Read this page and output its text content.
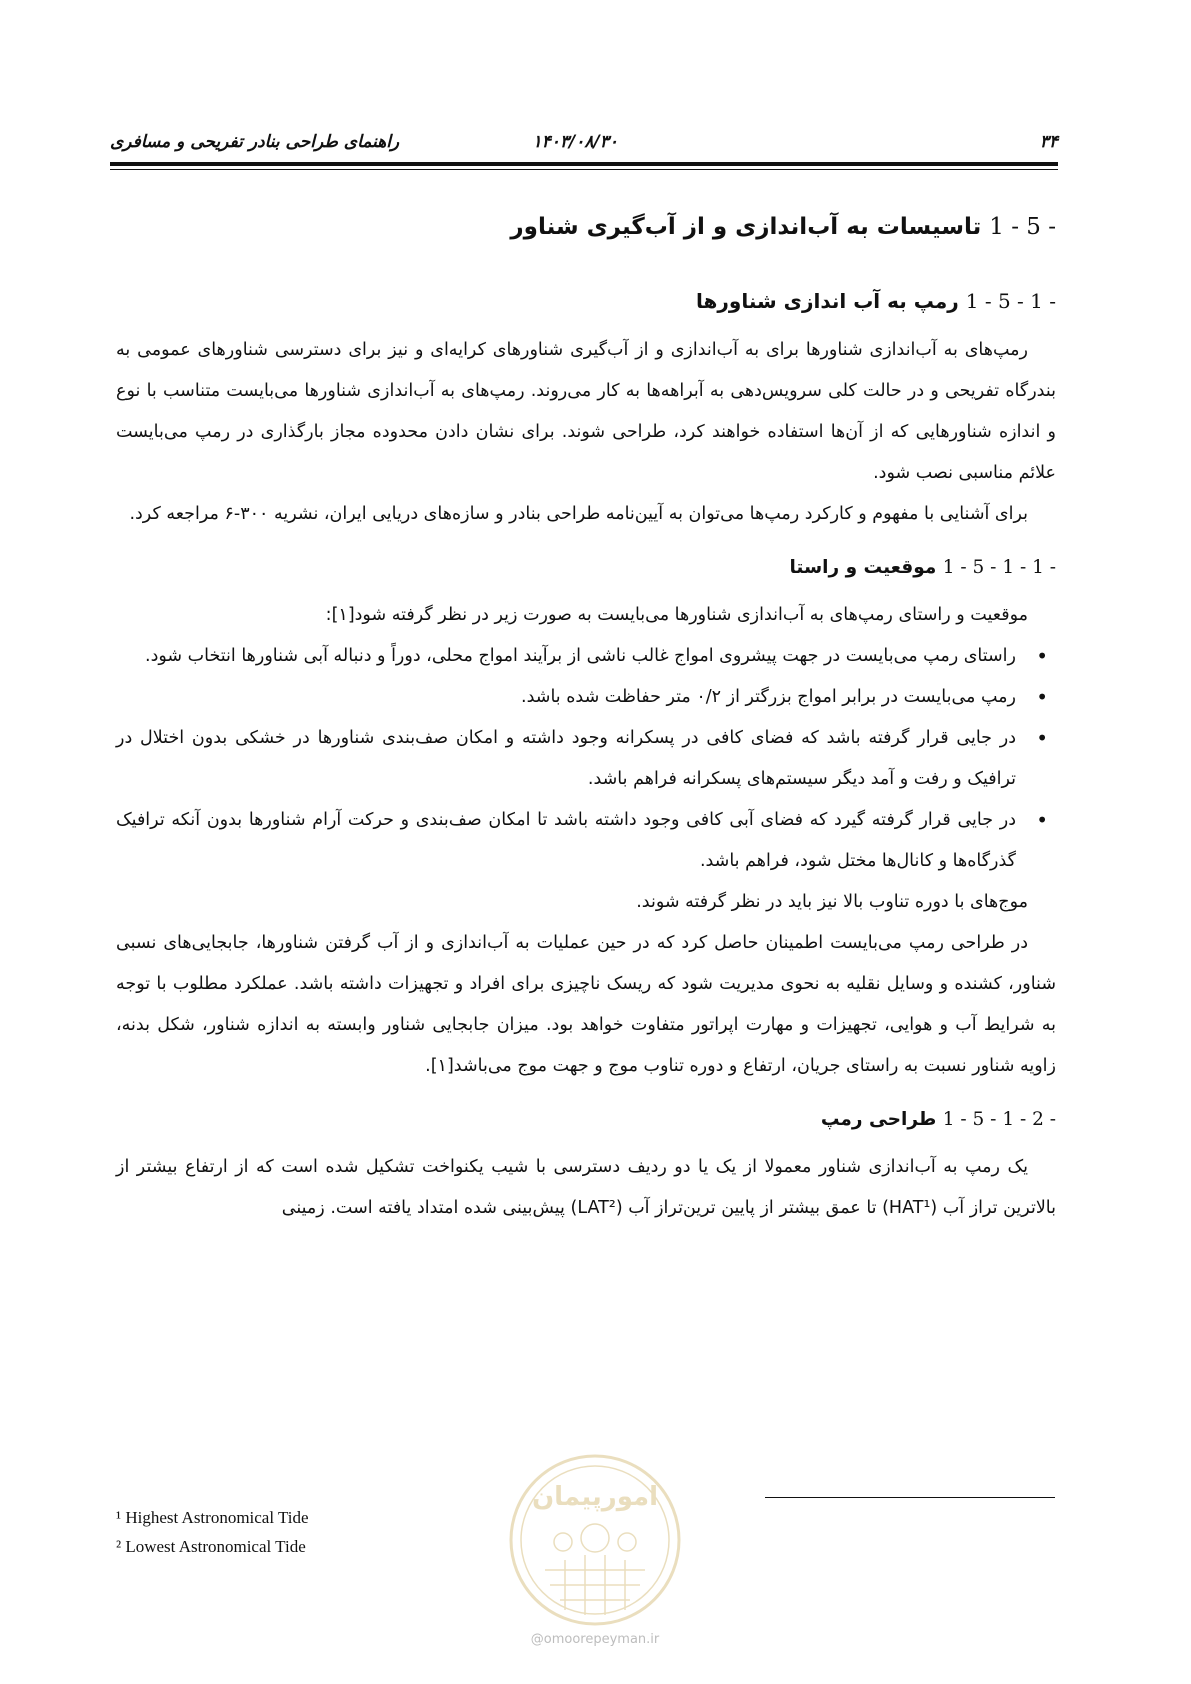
۳۴
۱۴۰۳/۰۸/۳۰
راهنمای طراحی بنادر تفریحی و مسافری
1 - 5 - تاسیسات به آب‌اندازی و از آب‌گیری شناور
1 - 5 - 1 - رمپ به آب اندازی شناورها

رمپ‌های به آب‌اندازی شناورها برای به آب‌اندازی و از آب‌گیری شناورهای کرایه‌ای و نیز برای دسترسی شناورهای عمومی به بندرگاه تفریحی و در حالت کلی سرویس‌دهی به آبراهه‌ها به کار می‌روند. رمپ‌های به آب‌اندازی شناورها می‌بایست متناسب با نوع و اندازه شناورهایی که از آن‌ها استفاده خواهند کرد، طراحی شوند. برای نشان دادن محدوده مجاز بارگذاری در رمپ می‌بایست علائم مناسبی نصب شود.

برای آشنایی با مفهوم و کارکرد رمپ‌ها می‌توان به آیین‌نامه طراحی بنادر و سازه‌های دریایی ایران، نشریه ۳۰۰-۶ مراجعه کرد.

1 - 5 - 1 - 1 - موقعیت و راستا

موقعیت و راستای رمپ‌های به آب‌اندازی شناورها می‌بایست به صورت زیر در نظر گرفته شود[۱]:

• راستای رمپ می‌بایست در جهت پیشروی امواج غالب ناشی از برآیند امواج محلی، دوراً و دنباله آبی شناورها انتخاب شود.
• رمپ می‌بایست در برابر امواج بزرگتر از ۰/۲ متر حفاظت شده باشد.
• در جایی قرار گرفته باشد که فضای کافی در پسکرانه وجود داشته و امکان صف‌بندی شناورها در خشکی بدون اختلال در ترافیک و رفت و آمد دیگر سیستم‌های پسکرانه فراهم باشد.
• در جایی قرار گرفته گیرد که فضای آبی کافی وجود داشته باشد تا امکان صف‌بندی و حرکت آرام شناورها بدون آنکه ترافیک گذرگاه‌ها و کانال‌ها مختل شود، فراهم باشد.

موج‌های با دوره تناوب بالا نیز باید در نظر گرفته شوند.

در طراحی رمپ می‌بایست اطمینان حاصل کرد که در حین عملیات به آب‌اندازی و از آب گرفتن شناورها، جابجایی‌های نسبی شناور، کشنده و وسایل نقلیه به نحوی مدیریت شود که ریسک ناچیزی برای افراد و تجهیزات داشته باشد. عملکرد مطلوب با توجه به شرایط آب و هوایی، تجهیزات و مهارت اپراتور متفاوت خواهد بود. میزان جابجایی شناور وابسته به اندازه شناور، شکل بدنه، زاویه شناور نسبت به راستای جریان، ارتفاع و دوره تناوب موج و جهت موج می‌باشد[۱].

1 - 5 - 1 - 2 - طراحی رمپ

یک رمپ به آب‌اندازی شناور معمولا از یک یا دو ردیف دسترسی با شیب یکنواخت تشکیل شده است که از ارتفاع بیشتر از بالاترین تراز آب (HAT¹) تا عمق بیشتر از پایین ترین‌تراز آب (LAT²) پیش‌بینی شده امتداد یافته است. زمینی

¹ Highest Astronomical Tide
² Lowest Astronomical Tide
امورپیمان
@omoorepeyman.ir
